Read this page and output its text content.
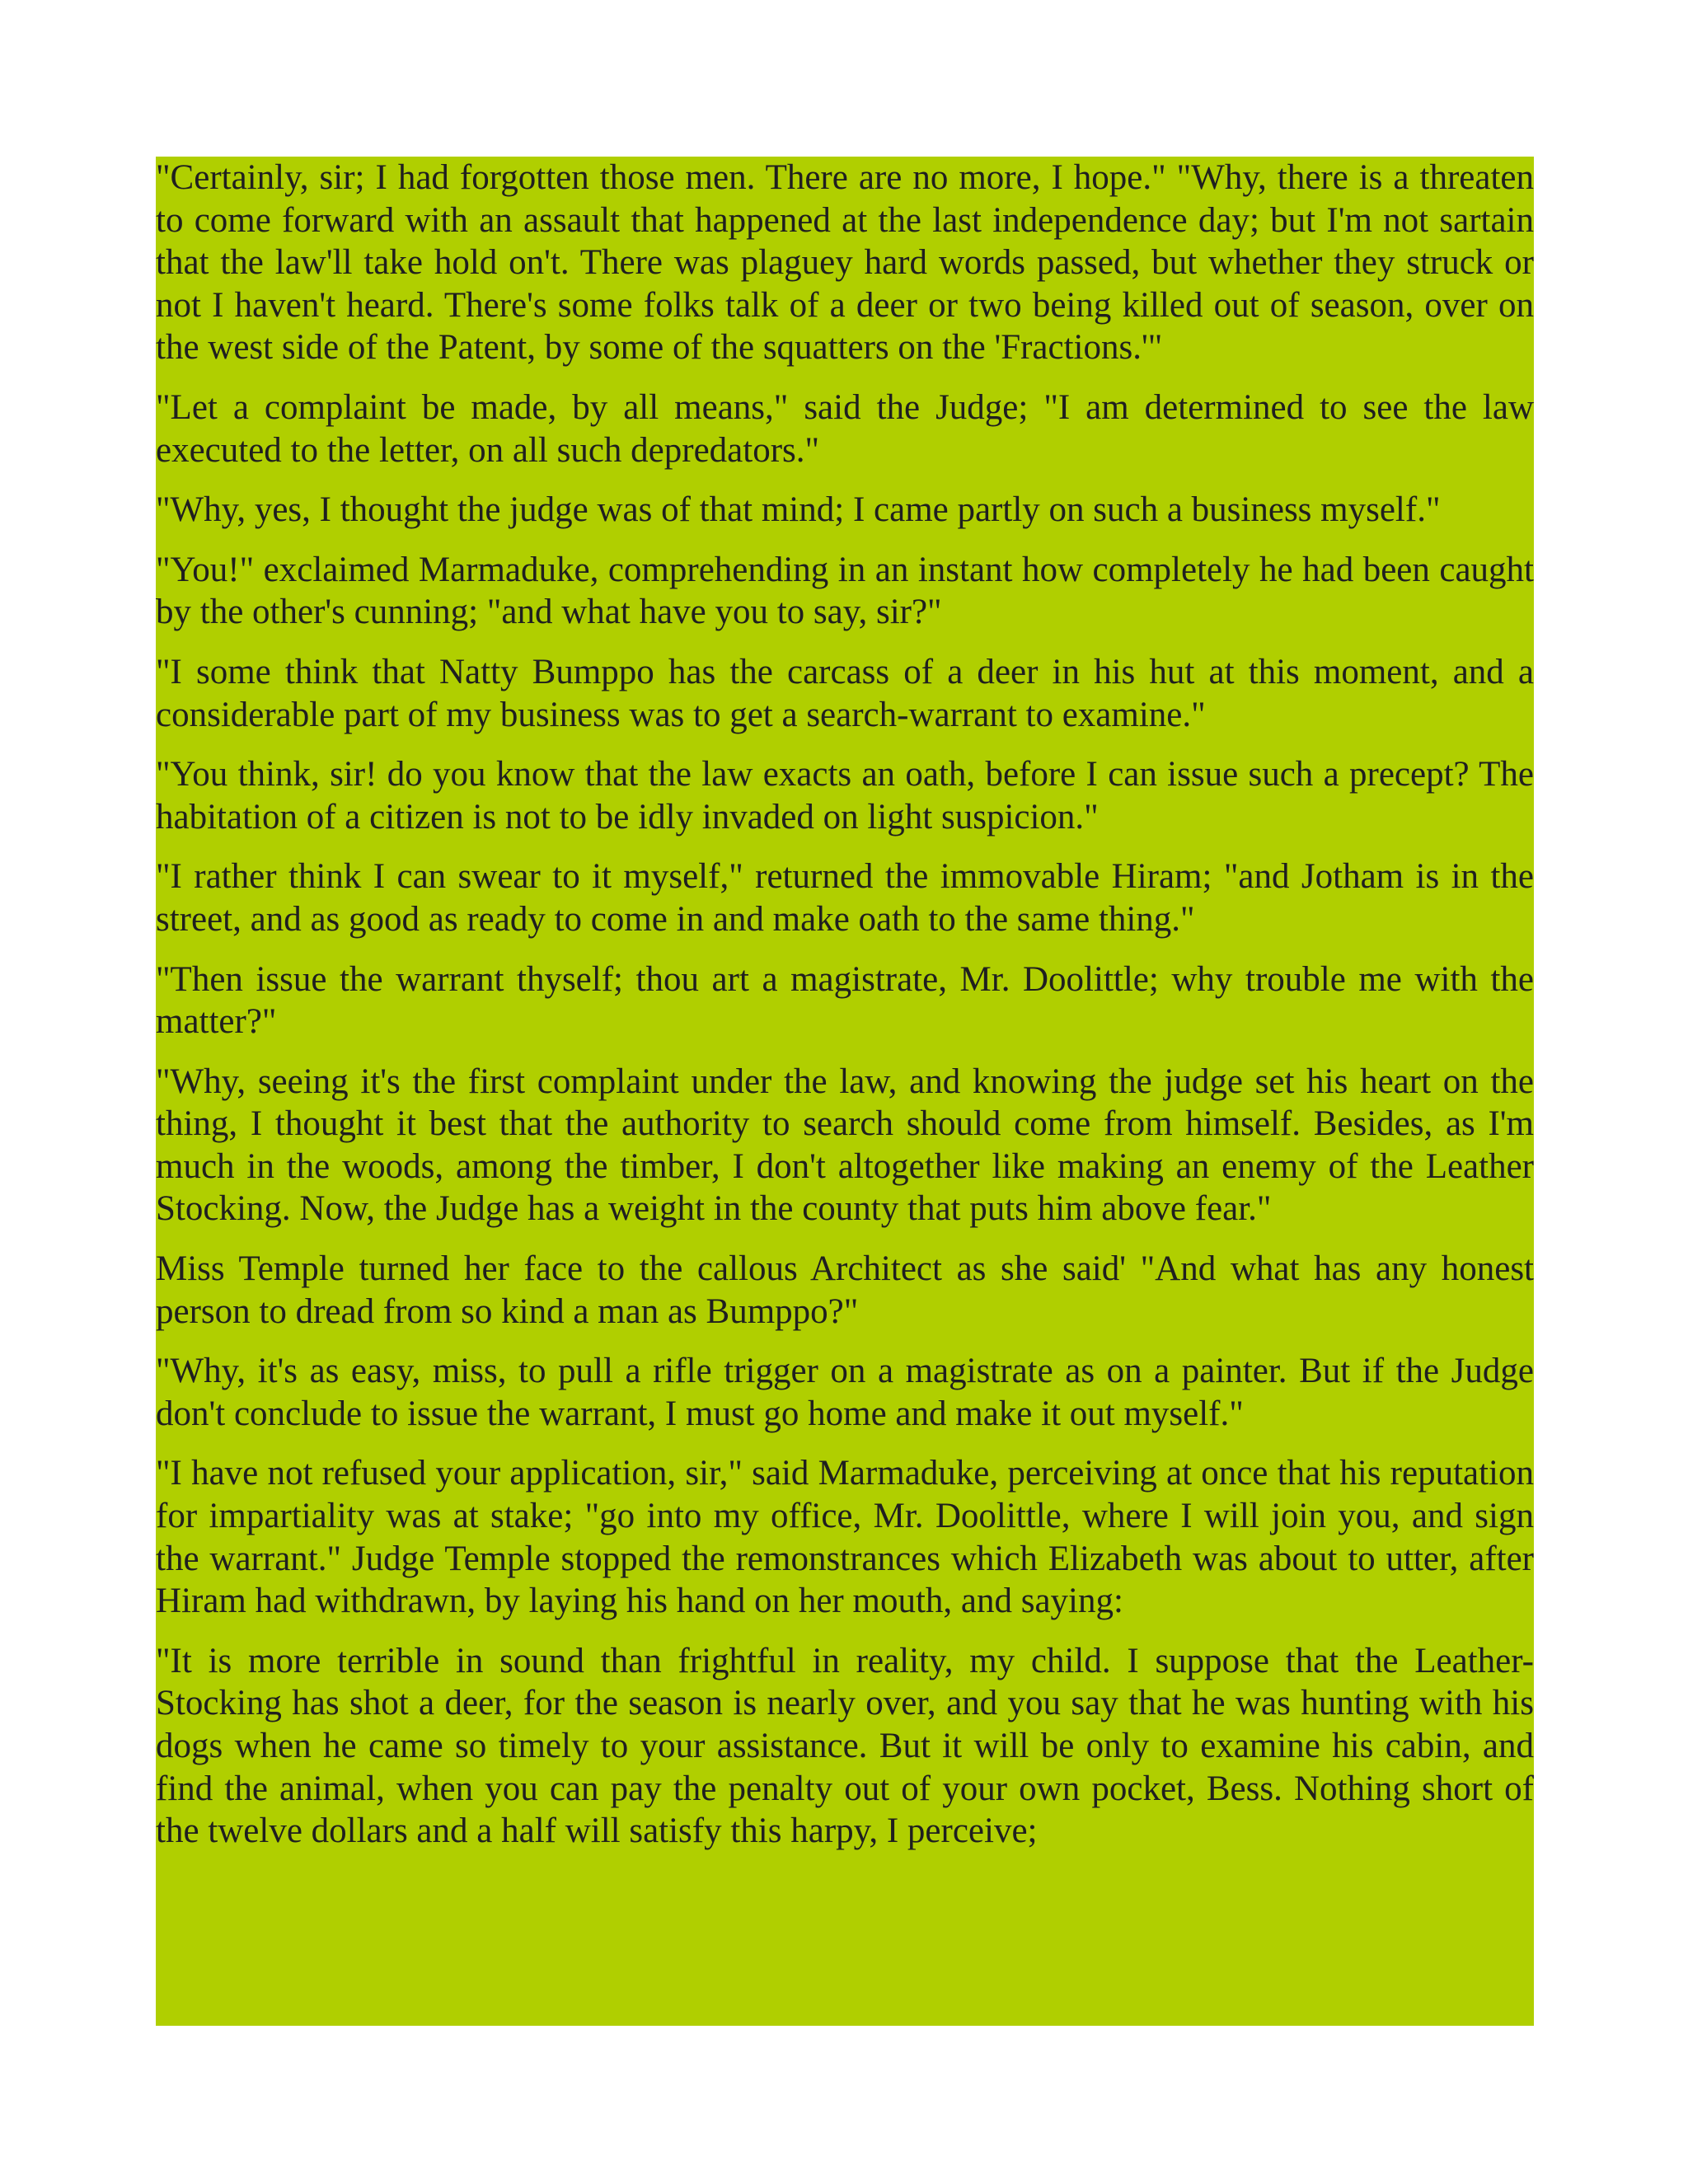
"Certainly, sir; I had forgotten those men. There are no more, I hope." "Why, there is a threaten to come forward with an assault that happened at the last independence day; but I'm not sartain that the law'll take hold on't. There was plaguey hard words passed, but whether they struck or not I haven't heard. There's some folks talk of a deer or two being killed out of season, over on the west side of the Patent, by some of the squatters on the 'Fractions.'"

"Let a complaint be made, by all means," said the Judge; "I am determined to see the law executed to the letter, on all such depredators."

"Why, yes, I thought the judge was of that mind; I came partly on such a business myself."

"You!" exclaimed Marmaduke, comprehending in an instant how completely he had been caught by the other's cunning; "and what have you to say, sir?"

"I some think that Natty Bumppo has the carcass of a deer in his hut at this moment, and a considerable part of my business was to get a search-warrant to examine."

"You think, sir! do you know that the law exacts an oath, before I can issue such a precept? The habitation of a citizen is not to be idly invaded on light suspicion."

"I rather think I can swear to it myself," returned the immovable Hiram; "and Jotham is in the street, and as good as ready to come in and make oath to the same thing."

"Then issue the warrant thyself; thou art a magistrate, Mr. Doolittle; why trouble me with the matter?"

"Why, seeing it's the first complaint under the law, and knowing the judge set his heart on the thing, I thought it best that the authority to search should come from himself. Besides, as I'm much in the woods, among the timber, I don't altogether like making an enemy of the Leather Stocking. Now, the Judge has a weight in the county that puts him above fear."

Miss Temple turned her face to the callous Architect as she said' "And what has any honest person to dread from so kind a man as Bumppo?"

"Why, it's as easy, miss, to pull a rifle trigger on a magistrate as on a painter. But if the Judge don't conclude to issue the warrant, I must go home and make it out myself."

"I have not refused your application, sir," said Marmaduke, perceiving at once that his reputation for impartiality was at stake; "go into my office, Mr. Doolittle, where I will join you, and sign the warrant." Judge Temple stopped the remonstrances which Elizabeth was about to utter, after Hiram had withdrawn, by laying his hand on her mouth, and saying:

"It is more terrible in sound than frightful in reality, my child. I suppose that the Leather-Stocking has shot a deer, for the season is nearly over, and you say that he was hunting with his dogs when he came so timely to your assistance. But it will be only to examine his cabin, and find the animal, when you can pay the penalty out of your own pocket, Bess. Nothing short of the twelve dollars and a half will satisfy this harpy, I perceive;
